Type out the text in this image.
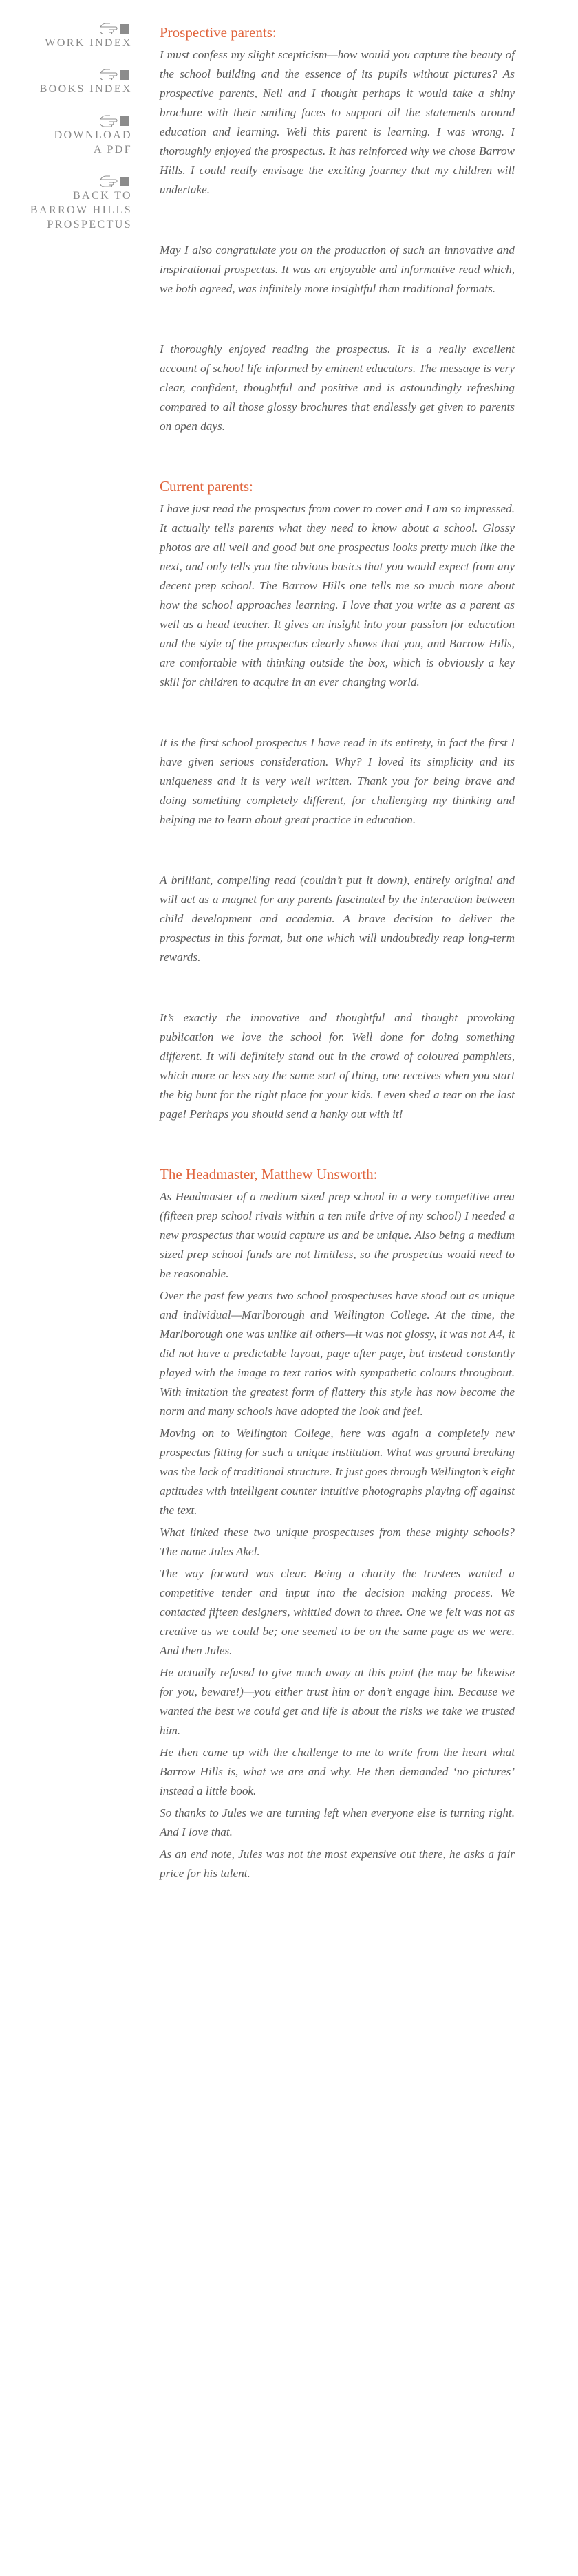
WORK INDEX
BOOKS INDEX
DOWNLOAD
A PDF
BACK TO
BARROW HILLS
PROSPECTUS
Prospective parents:

I must confess my slight scepticism—how would you capture the beauty of the school building and the essence of its pupils without pictures? As prospective parents, Neil and I thought perhaps it would take a shiny brochure with their smiling faces to support all the statements around education and learning. Well this parent is learning. I was wrong. I thoroughly enjoyed the prospectus. It has reinforced why we chose Barrow Hills. I could really envisage the exciting journey that my children will undertake.

May I also congratulate you on the production of such an innovative and inspirational prospectus. It was an enjoyable and informative read which, we both agreed, was infinitely more insightful than traditional formats.

I thoroughly enjoyed reading the prospectus. It is a really excellent account of school life informed by eminent educators. The message is very clear, confident, thoughtful and positive and is astoundingly refreshing compared to all those glossy brochures that endlessly get given to parents on open days.

Current parents:

I have just read the prospectus from cover to cover and I am so impressed. It actually tells parents what they need to know about a school. Glossy photos are all well and good but one prospectus looks pretty much like the next, and only tells you the obvious basics that you would expect from any decent prep school. The Barrow Hills one tells me so much more about how the school approaches learning. I love that you write as a parent as well as a head teacher. It gives an insight into your passion for education and the style of the prospectus clearly shows that you, and Barrow Hills, are comfortable with thinking outside the box, which is obviously a key skill for children to acquire in an ever changing world.

It is the first school prospectus I have read in its entirety, in fact the first I have given serious consideration. Why? I loved its simplicity and its uniqueness and it is very well written. Thank you for being brave and doing something completely different, for challenging my thinking and helping me to learn about great practice in education.

A brilliant, compelling read (couldn’t put it down), entirely original and will act as a magnet for any parents fascinated by the interaction between child development and academia. A brave decision to deliver the prospectus in this format, but one which will undoubtedly reap long-term rewards.

It’s exactly the innovative and thoughtful and thought provoking publication we love the school for. Well done for doing something different. It will definitely stand out in the crowd of coloured pamphlets, which more or less say the same sort of thing, one receives when you start the big hunt for the right place for your kids. I even shed a tear on the last page! Perhaps you should send a hanky out with it!

The Headmaster, Matthew Unsworth:

As Headmaster of a medium sized prep school in a very competitive area (fifteen prep school rivals within a ten mile drive of my school) I needed a new prospectus that would capture us and be unique. Also being a medium sized prep school funds are not limitless, so the prospectus would need to be reasonable.

Over the past few years two school prospectuses have stood out as unique and individual—Marlborough and Wellington College. At the time, the Marlborough one was unlike all others—it was not glossy, it was not A4, it did not have a predictable layout, page after page, but instead constantly played with the image to text ratios with sympathetic colours throughout. With imitation the greatest form of flattery this style has now become the norm and many schools have adopted the look and feel.

Moving on to Wellington College, here was again a completely new prospectus fitting for such a unique institution. What was ground breaking was the lack of traditional structure. It just goes through Wellington’s eight aptitudes with intelligent counter intuitive photographs playing off against the text.

What linked these two unique prospectuses from these mighty schools? The name Jules Akel.

The way forward was clear. Being a charity the trustees wanted a competitive tender and input into the decision making process. We contacted fifteen designers, whittled down to three. One we felt was not as creative as we could be; one seemed to be on the same page as we were. And then Jules.

He actually refused to give much away at this point (he may be likewise for you, beware!)—you either trust him or don’t engage him. Because we wanted the best we could get and life is about the risks we take we trusted him.

He then came up with the challenge to me to write from the heart what Barrow Hills is, what we are and why. He then demanded ‘no pictures’ instead a little book.

So thanks to Jules we are turning left when everyone else is turning right. And I love that.

As an end note, Jules was not the most expensive out there, he asks a fair price for his talent.
